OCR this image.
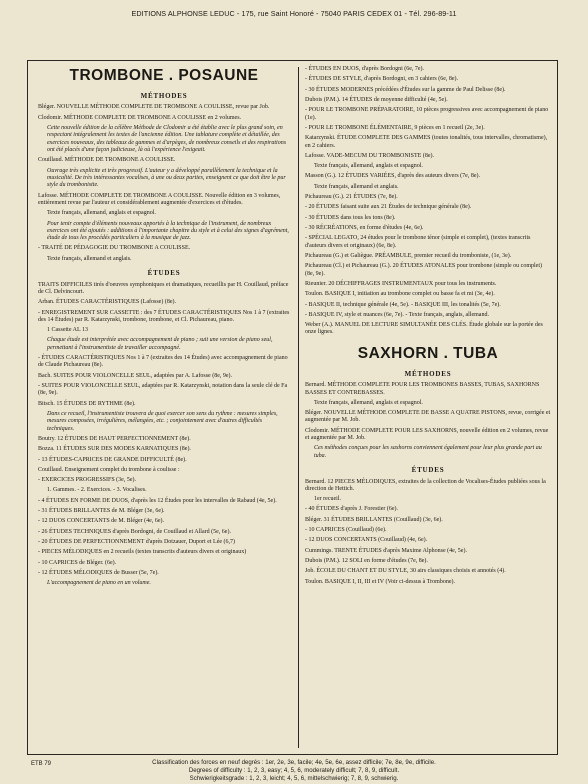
EDITIONS ALPHONSE LEDUC - 175, rue Saint Honoré - 75040 PARIS CEDEX 01 - Tél. 296-89-11
TROMBONE . POSAUNE
MÉTHODES
Bléger. NOUVELLE MÉTHODE COMPLETE DE TROMBONE A COULISSE, revue par Job.
Clodomir. MÉTHODE COMPLETE DE TROMBONE A COULISSE en 2 volumes.
Cette nouvelle édition de la célèbre Méthode de Clodomir a été établie avec le plus grand soin, en respectant intégralement les textes de l'ancienne édition. Une tablature complète et détaillée, des exercices nouveaux, des tableaux de gammes et d'arpèges, de nombreux conseils et des respirations ont été placés d'une façon judicieuse, là où l'expérience l'exigeait.
Couillaud. MÉTHODE DE TROMBONE A COULISSE.
Ouvrage très explicite et très progressif. L'auteur y a développé parallèlement la technique et la musicalité. De très intéressantes vocalises, à une ou deux parties, enseignent ce que doit être le pur style du trombonistte.
Lafosse. MÉTHODE COMPLETE DE TROMBONE A COULISSE. Nouvelle édition en 3 volumes, entièrement revue par l'auteur et considérablement augmentée d'exercices et d'études.
Texte français, allemand, anglais et espagnol.
Pour tenir compte d'éléments nouveaux apportés à la technique de l'instrument, de nombreux exercices ont été ajoutés : additions à l'importante chapitre du style et à celui des signes d'agrément, étude de tous les procédés particuliers à la musique de jazz.
- TRAITÉ DE PÉDAGOGIE DU TROMBONE A COULISSE.
Texte français, allemand et anglais.
ÉTUDES
TRAITS DIFFICILES tirés d'oeuvres symphoniques et dramatiques, recueillis par H. Couillaud, préface de Cl. Delvincourt.
Arban. ÉTUDES CARACTÉRISTIQUES (Lafosse) (8e).
- ENREGISTREMENT SUR CASSETTE : des 7 ÉTUDES CARACTÉRISTIQUES Nos 1 à 7 (extraites des 14 Études) par R. Katarzynski, trombone, trombone, et Cl. Pichaureau, piano.
1 Cassette AL 13
Chaque étude est interprétée avec accompagnement de piano ; suit une version de piano seul, permettant à l'instrumentiste de travailler accompagné.
- ÉTUDES CARACTÉRISTIQUES Nos 1 à 7 (extraites des 14 Études) avec accompagnement de piano de Claude Pichaureau (8e).
Bach. SUITES POUR VIOLONCELLE SEUL, adaptées par A. Lafosse (8e, 9e).
- SUITES POUR VIOLONCELLE SEUL, adaptées par R. Katarzynski, notation dans la seule clé de Fa (8e, 9e).
Bitsch. 15 ÉTUDES DE RYTHME (8e).
Dans ce recueil, l'instrumentiste trouvera de quoi exercer son sens du rythme : mesures simples, mesures composées, irrégulières, mélangées, etc. ; conjointement avec d'autres difficultés techniques.
Boutry. 12 ÉTUDES DE HAUT PERFECTIONNEMENT (8e).
Bozza. 11 ÉTUDES SUR DES MODES KARNATIQUES (8e).
- 13 ÉTUDES-CAPRICES DE GRANDE DIFFICULTÉ (8e).
Couillaud. Enseignement complet du trombone à coulisse :
- EXERCICES PROGRESSIFS (3e, 5e).
1. Gammes. - 2. Exercices. - 3. Vocalises.
- 4 ÉTUDES EN FORME DE DUOS, d'après les 12 Études pour les intervalles de Rabaud (4e, 5e).
- 31 ÉTUDES BRILLANTES de M. Bléger (3e, 6e).
- 12 DUOS CONCERTANTS de M. Bléger (4e, 6e).
- 26 ÉTUDES TECHNIQUES d'après Bordogni, de Couillaud et Allard (5e, 6e).
- 20 ÉTUDES DE PERFECTIONNEMENT d'après Dotzauer, Duport et Lée (6,7)
- PIECES MÉLODIQUES en 2 recueils (textes transcrits d'auteurs divers et originaux)
- 10 CAPRICES de Bléger. (6e).
- 12 ÉTUDES MÉLODIQUES de Busser (5e, 7e).
L'accompagnement de piano en un volume.
- ÉTUDES EN DUOS, d'après Bordogni (6e, 7e).
- ÉTUDES DE STYLE, d'après Bordogni, en 3 cahiers (6e, 8e).
- 30 ÉTUDES MODERNES précédées d'Études sur la gamme de Paul Delisse (8e).
Dubois (P.M.). 14 ÉTUDES de moyenne difficulté (4e, 5e).
- POUR LE TROMBONE PRÉPARATOIRE, 10 pièces progressives avec accompagnement de piano (1e).
- POUR LE TROMBONE ÉLÉMENTAIRE, 9 pièces en 1 recueil (2e, 3e).
Katarzynski. ÉTUDE COMPLETE DES GAMMES (toutes tonalités, tous intervalles, chromatisme), en 2 cahiers.
Lafosse. VADE-MECUM DU TROMBONISTE (8e).
Texte français, allemand, anglais et espagnol.
Masson (G.). 12 ÉTUDES VARIÉES, d'après des auteurs divers (7e, 8e).
Texte français, allemand et anglais.
Pichaureau (G.). 21 ÉTUDES (7e, 8e).
- 20 ÉTUDES faisant suite aux 21 Études de technique générale (8e).
- 30 ÉTUDES dans tous les tons (8e).
- 30 RÉCRÉATIONS, en forme d'études (4e, 6e).
- SPÉCIAL LEGATO, 24 études pour le trombone ténor (simple et complet), (textes transcrits d'auteurs divers et originaux) (6e, 8e).
Pichaureau (G.) et Galiègue. PRÉAMBULE, premier recueil du tromboniste, (1e, 3e).
Pichaureau (Cl.) et Pichaureau (G.). 20 ÉTUDES ATONALES pour trombone (simple ou complet) (8e, 9e).
Rieunier. 20 DÉCHIFFRAGES INSTRUMENTAUX pour tous les instruments.
Toulon. BASIQUE I, initiation au trombone complet ou basse fa et mi (3e, 4e).
- BASIQUE II, technique générale (4e, 5e). - BASIQUE III, les tonalités (5e, 7e).
- BASIQUE IV, style et nuances (6e, 7e). - Texte français, anglais, allemand.
Weber (A.). MANUEL DE LECTURE SIMULTANÉE DES CLÉS. Étude globale sur la portée des onze lignes.
SAXHORN . TUBA
MÉTHODES
Bernard. MÉTHODE COMPLETE POUR LES TROMBONES BASSES, TUBAS, SAXHORNS BASSES ET CONTREBASSES.
Texte français, allemand, anglais et espagnol.
Bléger. NOUVELLE MÉTHODE COMPLETE DE BASSE A QUATRE PISTONS, revue, corrigée et augmentée par M. Job.
Clodomir. MÉTHODE COMPLETE POUR LES SAXHORNS, nouvelle édition en 2 volumes, revue et augmentée par M. Job.
Ces méthodes conçues pour les saxhorns conviennent également pour leur plus grande part au tuba.
ÉTUDES
Bernard. 12 PIECES MÉLODIQUES, extraites de la collection de Vocalises-Études publiées sous la direction de Hettich.
1er recueil.
- 40 ÉTUDES d'après J. Forestier (6e).
Bléger. 31 ÉTUDES BRILLANTES (Couillaud) (3e, 6e).
- 10 CAPRICES (Couillaud) (6e).
- 12 DUOS CONCERTANTS (Couillaud) (4e, 6e).
Cummings. TRENTE ÉTUDES d'après Maxime Alphonse (4e, 5e).
Dubois (P.M.). 12 SOLI en forme d'études (7e, 8e).
Job. ÉCOLE DU CHANT ET DU STYLE, 30 airs classiques choisis et annotés (4).
Toulon. BASIQUE I, II, III et IV (Voir ci-dessus à Trombone).
ETB 79	Classification des forces en neuf degrés : 1er, 2e, 3e, facile; 4e, 5e, 6e, assez difficile; 7e, 8e, 9e, difficile.
Degrees of difficulty : 1, 2, 3, easy; 4, 5, 6, moderately difficult; 7, 8, 9, difficult.
Schwierigkeitsgrade : 1, 2, 3, leicht; 4, 5, 6, mittelschwierig; 7, 8, 9, schwierig.
